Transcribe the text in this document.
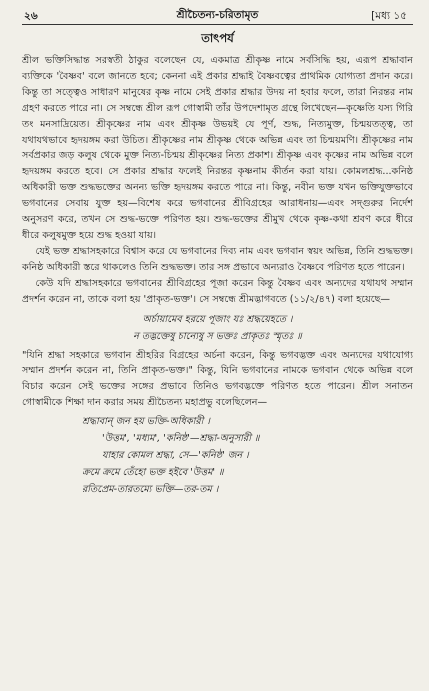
২৬	শ্রীচৈতন্য-চরিতামৃত	[মধ্য ১৫
তাৎপর্য

শ্রীল ভক্তিসিদ্ধান্ত সরস্বতী ঠাকুর বলেছেন যে, একমাত্র শ্রীকৃষ্ণ নামে সর্বসিদ্ধি হয়, এরূপ শ্রদ্ধাবান ব্যক্তিকে 'বৈষ্ণব' বলে জানতে হবে; কেননা এই প্রকার শ্রদ্ধাই বৈষ্ণবত্বের প্রাথমিক যোগ্যতা প্রদান করে। কিন্তু তা সত্ত্বেও সাধারণ মানুষের কৃষ্ণ নামে সেই প্রকার শ্রদ্ধার উদয় না হবার ফলে, তারা নিরন্তর নাম গ্রহণ করতে পারে না। সে সম্বন্ধে শ্রীল রূপ গোস্বামী তাঁর উপদেশামৃত গ্রন্থে লিখেছেন—কৃষ্ণেতি যস্য গিরি তং মনসাদ্রিয়েত। শ্রীকৃষ্ণের নাম এবং শ্রীকৃষ্ণ উভয়ই যে পূর্ণ, শুদ্ধ, নিত্যমুক্ত, চিন্ময়তত্ত্ব, তা যথাযথভাবে হৃদয়ঙ্গম করা উচিত। শ্রীকৃষ্ণের নাম শ্রীকৃষ্ণ থেকে অভিন্ন এবং তা চিন্ময়মণি। শ্রীকৃষ্ণের নাম সর্বপ্রকার জড় কলুষ থেকে মুক্ত নিত্য-চিন্ময় শ্রীকৃষ্ণের নিত্য প্রকাশ। শ্রীকৃষ্ণ এবং কৃষ্ণের নাম অভিন্ন বলে হৃদয়ঙ্গম করতে হবে। সে প্রকার শ্রদ্ধার ফলেই নিরন্তর কৃষ্ণনাম কীর্তন করা যায়। কোমলশ্রদ্ধ...কনিষ্ঠ অধিকারী ভক্ত শুদ্ধভক্তের অনন্য ভক্তি হৃদয়ঙ্গম করতে পারে না। কিন্তু, নবীন ভক্ত যখন ভক্তিযুক্তভাবে ভগবানের সেবায় যুক্ত হয়—বিশেষ করে ভগবানের শ্রীবিগ্রহের আরাধনায়—এবং সদ্গুরুর নির্দেশ অনুসরণ করে, তখন সে শুদ্ধ-ভক্তে পরিণত হয়। শুদ্ধ-ভক্তের শ্রীমুখ থেকে কৃষ্ণ-কথা শ্রবণ করে ধীরে ধীরে কলুষমুক্ত হয়ে শুদ্ধ হওয়া যায়।

যেই ভক্ত শ্রদ্ধাসহকারে বিশ্বাস করে যে ভগবানের দিব্য নাম এবং ভগবান স্বয়ং অভিন্ন, তিনি শুদ্ধভক্ত। কনিষ্ঠ অধিকারী স্তরে থাকলেও তিনি শুদ্ধভক্ত। তার সঙ্গ প্রভাবে অন্যরাও বৈষ্ণবে পরিণত হতে পারেন।

কেউ যদি শ্রদ্ধাসহকারে ভগবানের শ্রীবিগ্রহের পূজা করেন কিন্তু বৈষ্ণব এবং অন্যদের যথাযথ সম্মান প্রদর্শন করেন না, তাকে বলা হয় 'প্রাকৃত-ভক্ত'। সে সম্বন্ধে শ্রীমদ্ভাগবতে (১১/২/৪৭) বলা হয়েছে—

অর্চায়ামেব হরয়ে পূজাং যঃ শ্রদ্ধয়েহতে ।
ন তদ্ভক্তেষু চান্যেষু স ভক্তঃ প্রাকৃতঃ স্মৃতঃ ॥

"যিনি শ্রদ্ধা সহকারে ভগবান শ্রীহরির বিগ্রহের অর্চনা করেন, কিন্তু ভগবদ্ভক্ত এবং অন্যদের যথাযোগ্য সম্মান প্রদর্শন করেন না, তিনি প্রাকৃত-ভক্ত।" কিন্তু, যিনি ভগবানের নামকে ভগবান থেকে অভিন্ন বলে বিচার করেন সেই ভক্তের সঙ্গের প্রভাবে তিনিও ভগবদ্ভক্তে পরিণত হতে পারেন। শ্রীল সনাতন গোস্বামীকে শিক্ষা দান করার সময় শ্রীচৈতন্য মহাপ্রভু বলেছিলেন—

শ্রদ্ধাবান্ জন হয় ভক্তি-অধিকারী ।
'উত্তম', 'মধ্যম', 'কনিষ্ঠ'—শ্রদ্ধা-অনুসারী ॥
যাহার কোমল শ্রদ্ধা, সে—'কনিষ্ঠ' জন ।
ক্রমে ক্রমে তেঁহো ভক্ত হইবে 'উত্তম' ॥
রতিপ্রেম-তারতম্যে ভক্তি—তর-তম ।
